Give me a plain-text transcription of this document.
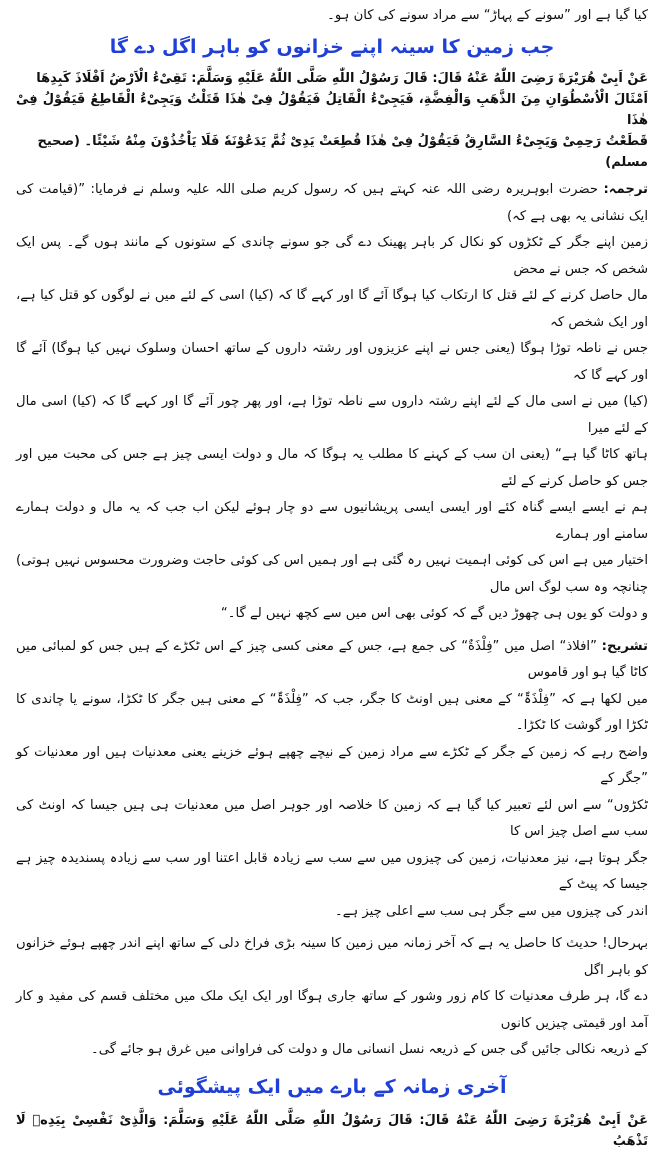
کیا گیا ہے اور ”سونے کے پہاڑ“ سے مراد سونے کی کان ہو۔

جب زمین کا سینہ اپنے خزانوں کو باہر اگل دے گا

عَنْ اَبِیْ هُرَیْرَةَ رَضِیَ اللّٰهُ عَنْهُ قَالَ: قَالَ رَسُوْلُ اللّٰهِ صَلَّى اللّٰهُ عَلَیْهِ وَسَلَّمَ: تَقِیْءُ الْاَرْضُ اَفْلَاذَ كَبِدِهَا

اَمْثَالَ الْاُسْطُوَانِ مِنَ الذَّهَبِ وَالْفِضَّةِ، فَیَجِیْءُ الْقَاتِلُ فَیَقُوْلُ فِیْ هٰذَا قَتَلْتُ وَیَجِیْءُ الْقَاطِعُ فَیَقُوْلُ فِیْ هٰذَا

قَطَعْتُ رَحِمِیْ وَیَجِیْءُ السَّارِقُ فَیَقُوْلُ فِیْ هٰذَا قُطِعَتْ یَدِیْ ثُمَّ یَدَعُوْنَهٗ فَلَا یَاْخُذُوْنَ مِنْهُ شَیْئًا۔ (صحیح

مسلم)

ترجمہ: حضرت ابوہریرہ رضی اللہ عنہ کہتے ہیں کہ رسول کریم صلی اللہ علیہ وسلم نے فرمایا: ”(قیامت کی ایک نشانی یہ بھی ہے کہ)

زمین اپنے جگر کے ٹکڑوں کو نکال کر باہر پھینک دے گی جو سونے چاندی کے ستونوں کے مانند ہوں گے۔ پس ایک شخص کہ جس نے محض

مال حاصل کرنے کے لئے قتل کا ارتکاب کیا ہوگا آئے گا اور کہے گا کہ (کیا) اسی کے لئے میں نے لوگوں کو قتل کیا ہے، اور ایک شخص کہ

جس نے ناطہ توڑا ہوگا (یعنی جس نے اپنے عزیزوں اور رشتہ داروں کے ساتھ احسان وسلوک نہیں کیا ہوگا) آئے گا اور کہے گا کہ

(کیا) میں نے اسی مال کے لئے اپنے رشتہ داروں سے ناطہ توڑا ہے، اور پھر چور آئے گا اور کہے گا کہ (کیا) اسی مال کے لئے میرا

ہاتھ کاٹا گیا ہے“ (یعنی ان سب کے کہنے کا مطلب یہ ہوگا کہ مال و دولت ایسی چیز ہے جس کی محبت میں اور جس کو حاصل کرنے کے لئے

ہم نے ایسے ایسے گناہ کئے اور ایسی ایسی پریشانیوں سے دو چار ہوئے لیکن اب جب کہ یہ مال و دولت ہمارے سامنے اور ہمارے

اختیار میں ہے اس کی کوئی اہمیت نہیں رہ گئی ہے اور ہمیں اس کی کوئی حاجت وضرورت محسوس نہیں ہوتی) چنانچہ وہ سب لوگ اس مال

و دولت کو یوں ہی چھوڑ دیں گے کہ کوئی بھی اس میں سے کچھ نہیں لے گا۔“

تشریح: ”افلاذ“ اصل میں ”فِلْذَةٌ“ کی جمع ہے، جس کے معنی کسی چیز کے اس ٹکڑے کے ہیں جس کو لمبائی میں کاٹا گیا ہو اور قاموس

میں لکھا ہے کہ ”فِلْذَۃٌ“ کے معنی ہیں اونٹ کا جگر، جب کہ ”فِلْذَۃٌ“ کے معنی ہیں جگر کا ٹکڑا، سونے یا چاندی کا ٹکڑا اور گوشت کا ٹکڑا۔

واضح رہے کہ زمین کے جگر کے ٹکڑے سے مراد زمین کے نیچے چھپے ہوئے خزینے یعنی معدنیات ہیں اور معدنیات کو ”جگر کے

ٹکڑوں“ سے اس لئے تعبیر کیا گیا ہے کہ زمین کا خلاصہ اور جوہر اصل میں معدنیات ہی ہیں جیسا کہ اونٹ کی سب سے اصل چیز اس کا

جگر ہوتا ہے، نیز معدنیات، زمین کی چیزوں میں سے سب سے زیادہ قابل اعتنا اور سب سے زیادہ پسندیدہ چیز ہے جیسا کہ پیٹ کے

اندر کی چیزوں میں سے جگر ہی سب سے اعلی چیز ہے۔

بہرحال! حدیث کا حاصل یہ ہے کہ آخر زمانہ میں زمین کا سینہ بڑی فراخ دلی کے ساتھ اپنے اندر چھپے ہوئے خزانوں کو باہر اگل

دے گا، ہر طرف معدنیات کا کام زور وشور کے ساتھ جاری ہوگا اور ایک ایک ملک میں مختلف قسم کی مفید و کار آمد اور قیمتی چیزیں کانوں

کے ذریعہ نکالی جائیں گی جس کے ذریعہ نسل انسانی مال و دولت کی فراوانی میں غرق ہو جائے گی۔

آخری زمانہ کے بارے میں ایک پیشگوئی

عَنْ اَبِیْ هُرَیْرَةَ رَضِیَ اللّٰهُ عَنْهُ قَالَ: قَالَ رَسُوْلُ اللّٰهِ صَلَّى اللّٰهُ عَلَیْهِ وَسَلَّمَ: وَالَّذِیْ نَفْسِیْ بِیَدِهٖ لَا تَذْهَبُ
